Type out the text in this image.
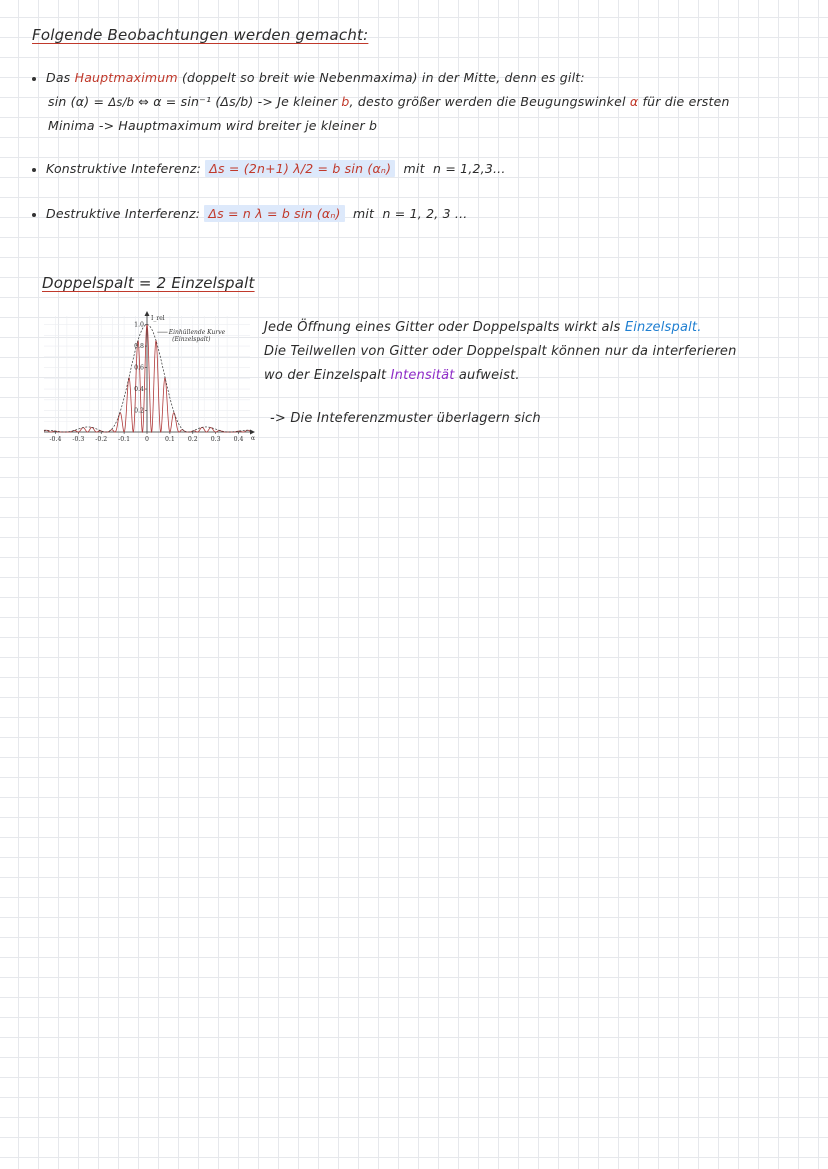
Folgende Beobachtungen werden gemacht:
Das Hauptmaximum (doppelt so breit wie Nebenmaxima) in der Mitte, denn es gilt:
sin (α) = Δs/b ⇔ α = sin⁻¹ (Δs/b) -> Je kleiner b, desto größer werden die Beugungswinkel α für die ersten
Minima -> Hauptmaximum wird breiter je kleiner b
Konstruktive Inteferenz: Δs = (2n+1) λ/2 = b sin (αₙ) mit n = 1,2,3...
Destruktive Interferenz: Δs = n λ = b sin (αₙ) mit n = 1, 2, 3 ...
Doppelspalt = 2 Einzelspalt
-0.4 -0.3 -0.2 -0.1 0	0.1 0.2 0.3 0.4
0.2
0.4
0.6
0.8
1.0
I_rel
α
Einhüllende Kurve
(Einzelspalt)
Jede Öffnung eines Gitter oder Doppelspalts wirkt als Einzelspalt.
Die Teilwellen von Gitter oder Doppelspalt können nur da interferieren
wo der Einzelspalt Intensität aufweist.
-> Die Inteferenzmuster überlagern sich
